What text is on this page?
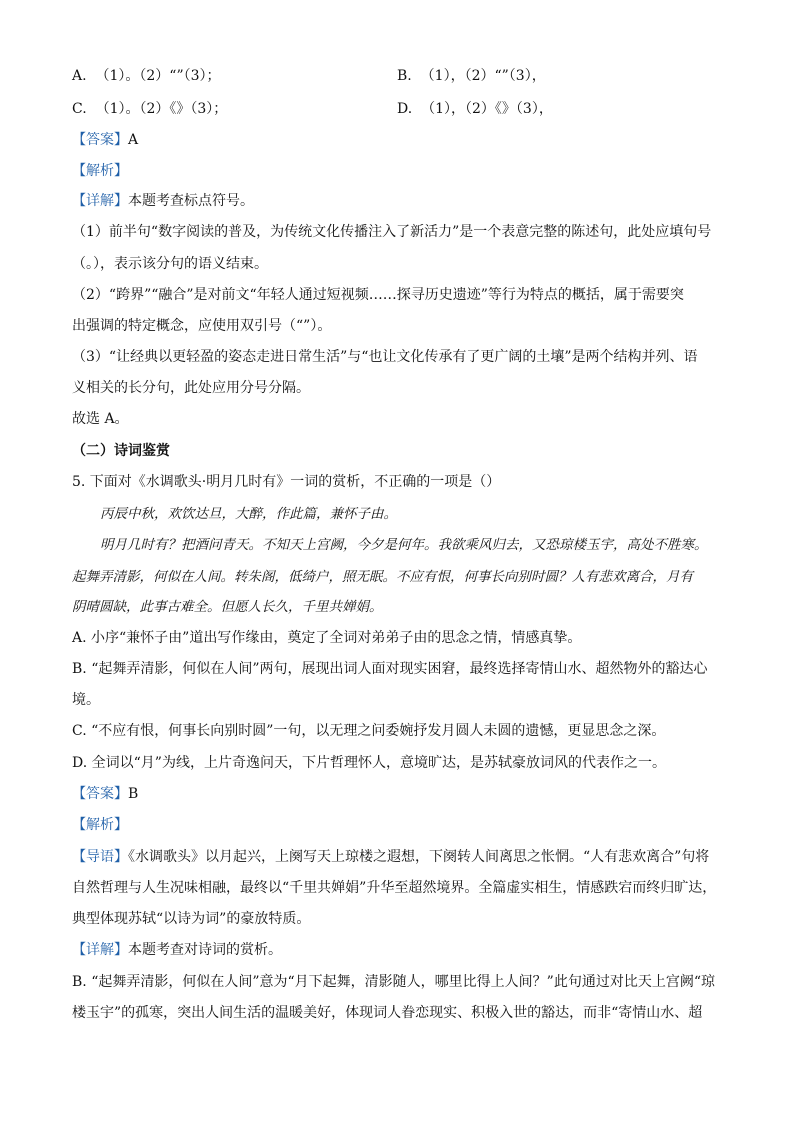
A. （1）。（2）“”（3）；	B. （1），（2）“”（3），
C. （1）。（2）《》（3）；	D. （1），（2）《》（3），
【答案】A
【解析】
【详解】本题考查标点符号。
（1）前半句“数字阅读的普及，为传统文化传播注入了新活力”是一个表意完整的陈述句，此处应填句号
（。），表示该分句的语义结束。
（2）“跨界”“融合”是对前文“年轻人通过短视频……探寻历史遗迹”等行为特点的概括，属于需要突
出强调的特定概念，应使用双引号（“”）。
（3）“让经典以更轻盈的姿态走进日常生活”与“也让文化传承有了更广阔的土壤”是两个结构并列、语
义相关的长分句，此处应用分号分隔。
故选 A。
（二）诗词鉴赏
5. 下面对《水调歌头·明月几时有》一词的赏析，不正确的一项是（）
丙辰中秋，欢饮达旦，大醉，作此篇，兼怀子由。
明月几时有？把酒问青天。不知天上宫阙，今夕是何年。我欲乘风归去，又恐琼楼玉宇，高处不胜寒。
起舞弄清影，何似在人间。转朱阁，低绮户，照无眠。不应有恨，何事长向别时圆？人有悲欢离合，月有
阴晴圆缺，此事古难全。但愿人长久，千里共婵娟。
A. 小序“兼怀子由”道出写作缘由，奠定了全词对弟弟子由的思念之情，情感真挚。
B. “起舞弄清影，何似在人间”两句，展现出词人面对现实困窘，最终选择寄情山水、超然物外的豁达心
境。
C. “不应有恨，何事长向别时圆”一句，以无理之问委婉抒发月圆人未圆的遗憾，更显思念之深。
D. 全词以“月”为线，上片奇逸问天，下片哲理怀人，意境旷达，是苏轼豪放词风的代表作之一。
【答案】B
【解析】
【导语】《水调歌头》以月起兴，上阕写天上琼楼之遐想，下阕转人间离思之怅惘。“人有悲欢离合”句将
自然哲理与人生况味相融，最终以“千里共婵娟”升华至超然境界。全篇虚实相生，情感跌宕而终归旷达，
典型体现苏轼“以诗为词”的豪放特质。
【详解】本题考查对诗词的赏析。
B. “起舞弄清影，何似在人间”意为“月下起舞，清影随人，哪里比得上人间？”此句通过对比天上宫阙“琼
楼玉宇”的孤寒，突出人间生活的温暖美好，体现词人眷恋现实、积极入世的豁达，而非“寄情山水、超
